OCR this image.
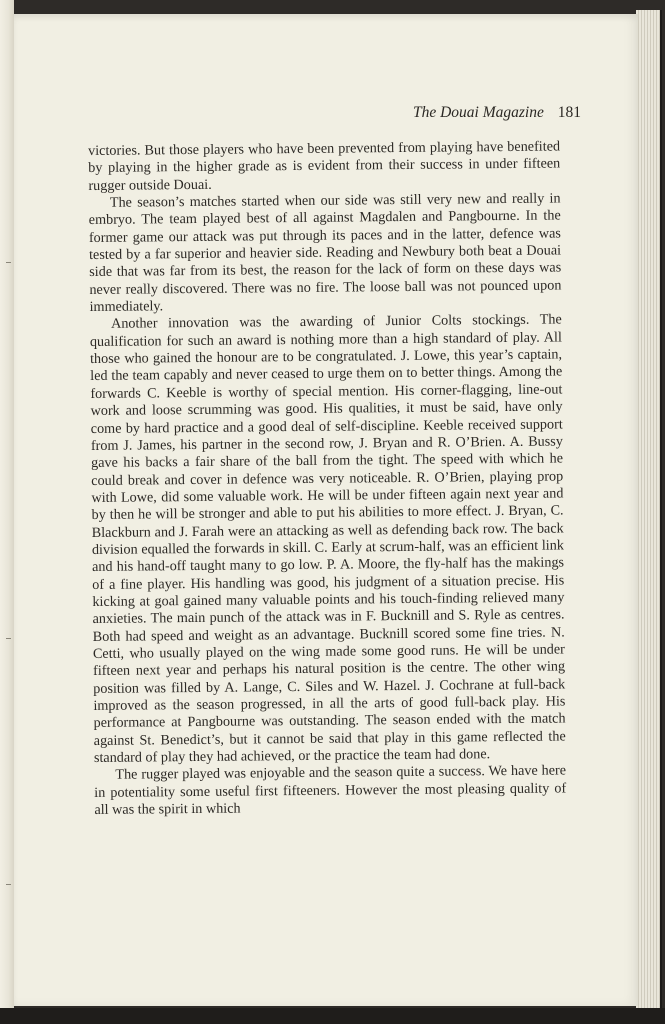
The Douai Magazine 181

victories. But those players who have been prevented from playing have benefited by playing in the higher grade as is evident from their success in under fifteen rugger outside Douai.

The season’s matches started when our side was still very new and really in embryo. The team played best of all against Magdalen and Pangbourne. In the former game our attack was put through its paces and in the latter, defence was tested by a far superior and heavier side. Reading and Newbury both beat a Douai side that was far from its best, the reason for the lack of form on these days was never really discovered. There was no fire. The loose ball was not pounced upon immediately.

Another innovation was the awarding of Junior Colts stockings. The qualification for such an award is nothing more than a high standard of play. All those who gained the honour are to be congratulated. J. Lowe, this year’s captain, led the team capably and never ceased to urge them on to better things. Among the forwards C. Keeble is worthy of special mention. His corner-flagging, line-out work and loose scrumming was good. His qualities, it must be said, have only come by hard practice and a good deal of self-discipline. Keeble received support from J. James, his partner in the second row, J. Bryan and R. O’Brien. A. Bussy gave his backs a fair share of the ball from the tight. The speed with which he could break and cover in defence was very noticeable. R. O’Brien, playing prop with Lowe, did some valuable work. He will be under fifteen again next year and by then he will be stronger and able to put his abilities to more effect. J. Bryan, C. Blackburn and J. Farah were an attacking as well as defending back row. The back division equalled the forwards in skill. C. Early at scrum-half, was an efficient link and his hand-off taught many to go low. P. A. Moore, the fly-half has the makings of a fine player. His handling was good, his judgment of a situation precise. His kicking at goal gained many valuable points and his touch-finding relieved many anxieties. The main punch of the attack was in F. Bucknill and S. Ryle as centres. Both had speed and weight as an advantage. Bucknill scored some fine tries. N. Cetti, who usually played on the wing made some good runs. He will be under fifteen next year and perhaps his natural position is the centre. The other wing position was filled by A. Lange, C. Siles and W. Hazel. J. Cochrane at full-back improved as the season progressed, in all the arts of good full-back play. His performance at Pangbourne was outstanding. The season ended with the match against St. Benedict’s, but it cannot be said that play in this game reflected the standard of play they had achieved, or the practice the team had done.

The rugger played was enjoyable and the season quite a success. We have here in potentiality some useful first fifteeners. However the most pleasing quality of all was the spirit in which
